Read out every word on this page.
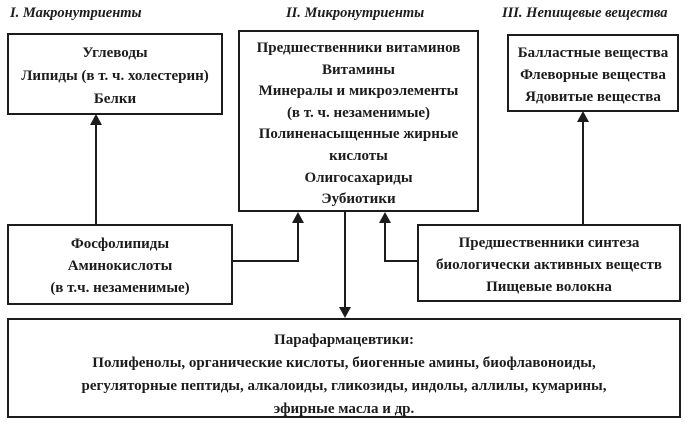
I. Макронутриенты	II. Микронутриенты	III. Непищевые вещества
Углеводы
Липиды (в т. ч. холестерин)
Белки
Предшественники витаминов
Витамины
Минералы и микроэлементы
(в т. ч. незаменимые)
Полиненасыщенные жирные
кислоты
Олигосахариды
Эубиотики
Балластные вещества
Флеворные вещества
Ядовитые вещества
Фосфолипиды
Аминокислоты
(в т.ч. незаменимые)
Предшественники синтеза
биологически активных веществ
Пищевые волокна
Парафармацевтики:
Полифенолы, органические кислоты, биогенные амины, биофлавоноиды,
регуляторные пептиды, алкалоиды, гликозиды, индолы, аллилы, кумарины,
эфирные масла и др.
